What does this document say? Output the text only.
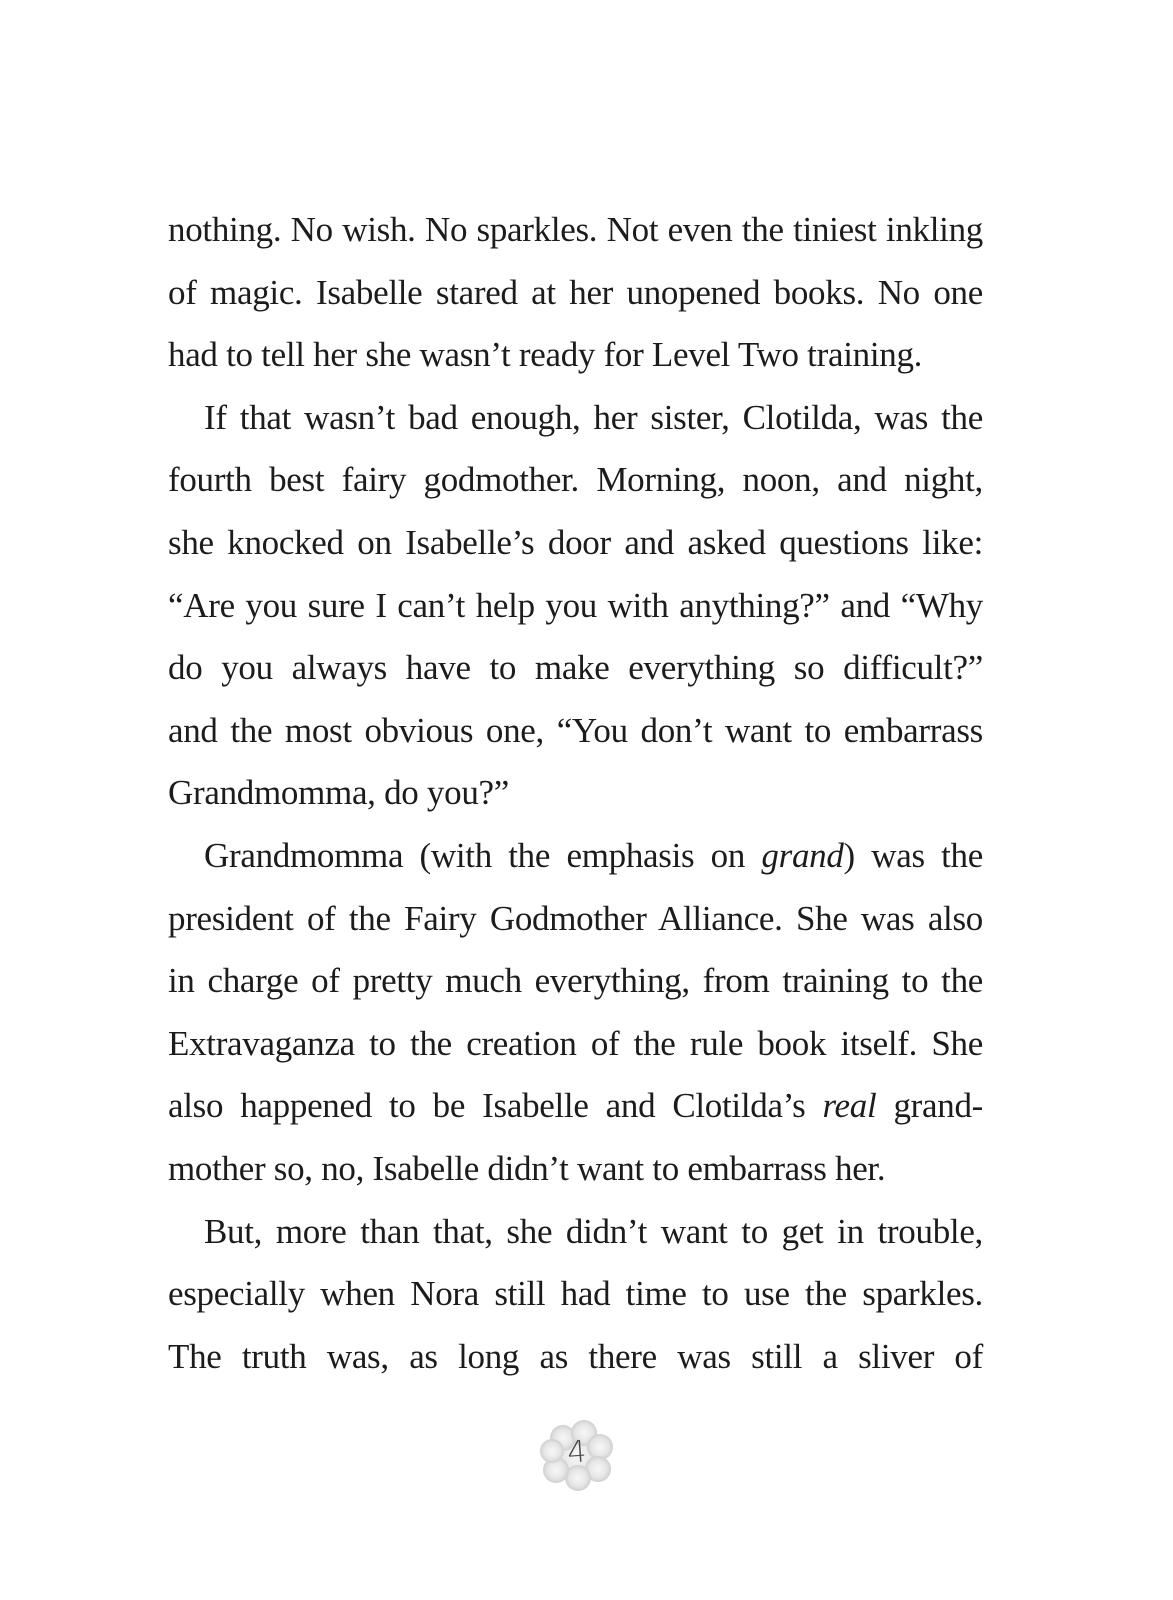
nothing. No wish. No sparkles. Not even the tiniest inkling
of magic. Isabelle stared at her unopened books. No one
had to tell her she wasn’t ready for Level Two training.
If that wasn’t bad enough, her sister, Clotilda, was the
fourth best fairy godmother. Morning, noon, and night,
she knocked on Isabelle’s door and asked questions like:
“Are you sure I can’t help you with anything?” and “Why
do you always have to make everything so difficult?”
and the most obvious one, “You don’t want to embarrass
Grandmomma, do you?”
Grandmomma (with the emphasis on grand) was the
president of the Fairy Godmother Alliance. She was also
in charge of pretty much everything, from training to the
Extravaganza to the creation of the rule book itself. She
also happened to be Isabelle and Clotilda’s real grand-
mother so, no, Isabelle didn’t want to embarrass her.
But, more than that, she didn’t want to get in trouble,
especially when Nora still had time to use the sparkles.
The truth was, as long as there was still a sliver of
4
